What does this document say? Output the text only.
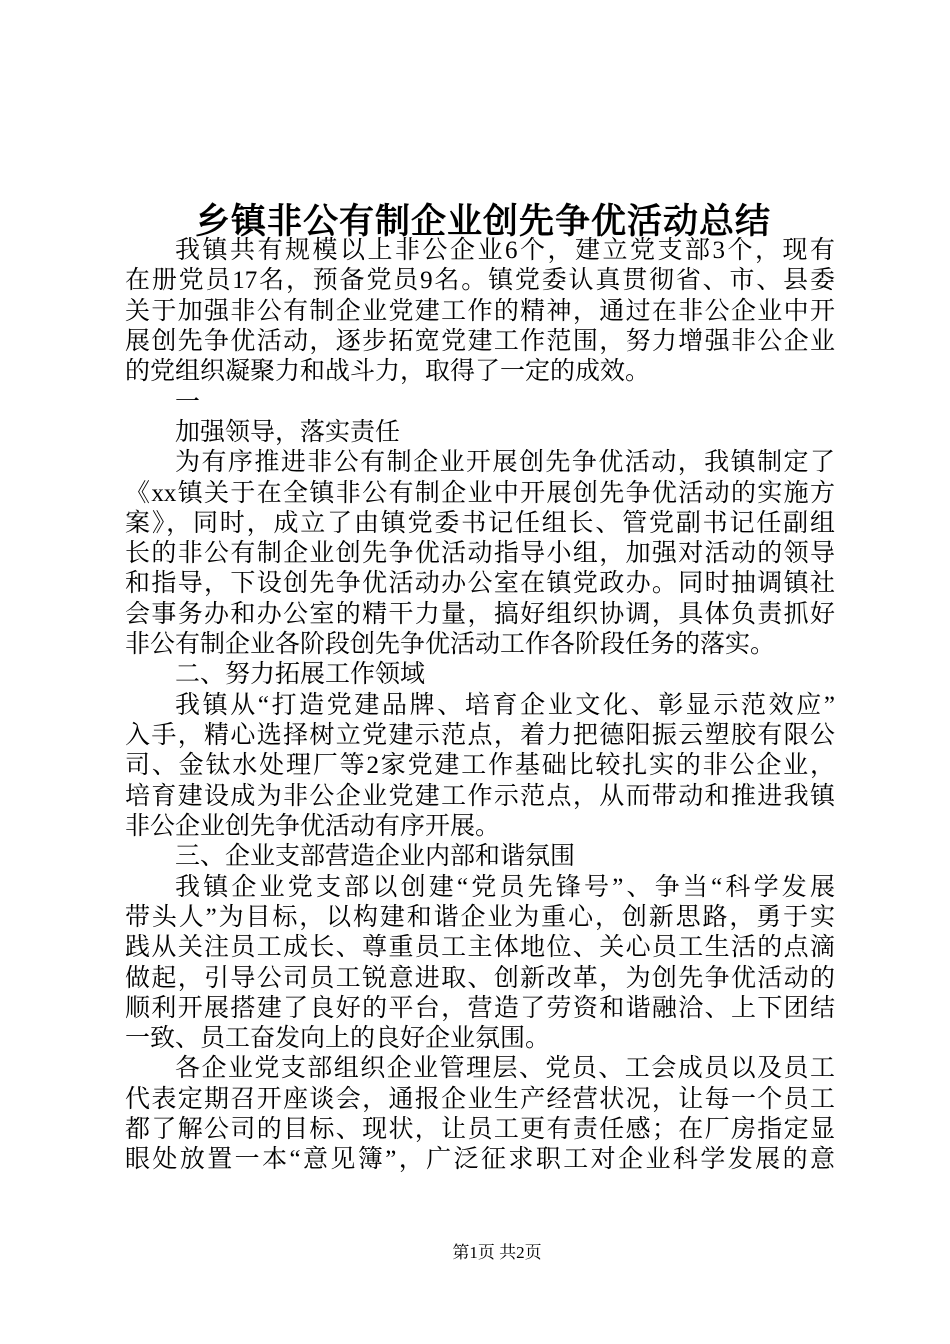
乡镇非公有制企业创先争优活动总结
我镇共有规模以上非公企业6个，建立党支部3个，现有
在册党员17名，预备党员9名。镇党委认真贯彻省、市、县委
关于加强非公有制企业党建工作的精神，通过在非公企业中开
展创先争优活动，逐步拓宽党建工作范围，努力增强非公企业
的党组织凝聚力和战斗力，取得了一定的成效。
一
加强领导，落实责任
为有序推进非公有制企业开展创先争优活动，我镇制定了
《xx镇关于在全镇非公有制企业中开展创先争优活动的实施方
案》，同时，成立了由镇党委书记任组长、管党副书记任副组
长的非公有制企业创先争优活动指导小组，加强对活动的领导
和指导，下设创先争优活动办公室在镇党政办。同时抽调镇社
会事务办和办公室的精干力量，搞好组织协调，具体负责抓好
非公有制企业各阶段创先争优活动工作各阶段任务的落实。
二、努力拓展工作领域
我镇从“打造党建品牌、培育企业文化、彰显示范效应”
入手，精心选择树立党建示范点，着力把德阳振云塑胶有限公
司、金钛水处理厂等2家党建工作基础比较扎实的非公企业，
培育建设成为非公企业党建工作示范点，从而带动和推进我镇
非公企业创先争优活动有序开展。
三、企业支部营造企业内部和谐氛围
我镇企业党支部以创建“党员先锋号”、争当“科学发展
带头人”为目标，以构建和谐企业为重心，创新思路，勇于实
践从关注员工成长、尊重员工主体地位、关心员工生活的点滴
做起，引导公司员工锐意进取、创新改革，为创先争优活动的
顺利开展搭建了良好的平台，营造了劳资和谐融洽、上下团结
一致、员工奋发向上的良好企业氛围。
各企业党支部组织企业管理层、党员、工会成员以及员工
代表定期召开座谈会，通报企业生产经营状况，让每一个员工
都了解公司的目标、现状，让员工更有责任感；在厂房指定显
眼处放置一本“意见簿”，广泛征求职工对企业科学发展的意
第1页 共2页
